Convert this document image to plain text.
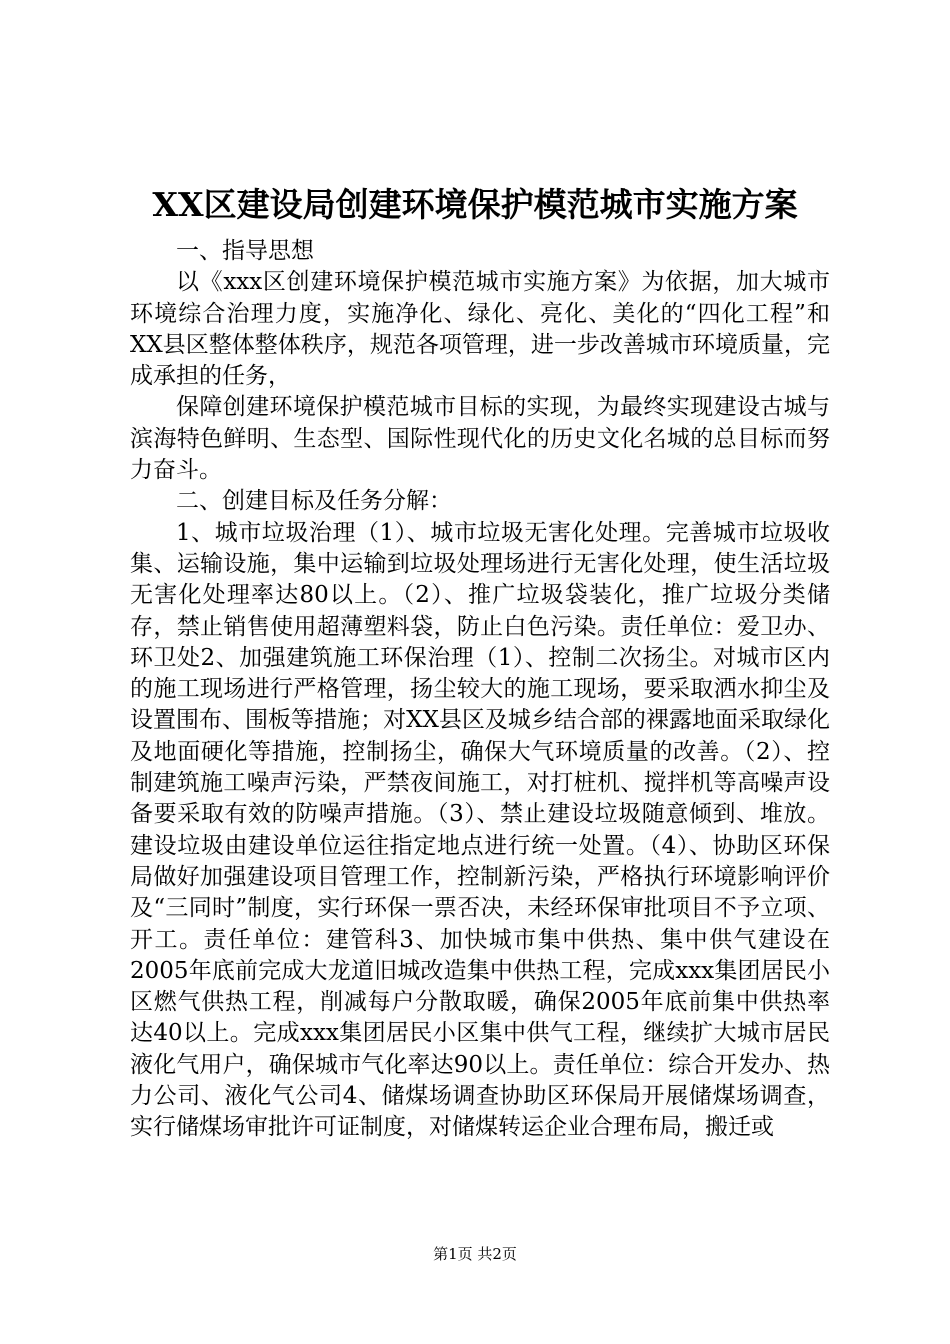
XX区建设局创建环境保护模范城市实施方案

一、指导思想

以《xxx区创建环境保护模范城市实施方案》为依据，加大城市环境综合治理力度，实施净化、绿化、亮化、美化的“四化工程”和XX县区整体整体秩序，规范各项管理，进一步改善城市环境质量，完成承担的任务，

保障创建环境保护模范城市目标的实现，为最终实现建设古城与滨海特色鲜明、生态型、国际性现代化的历史文化名城的总目标而努力奋斗。

二、创建目标及任务分解：

1、城市垃圾治理（1）、城市垃圾无害化处理。完善城市垃圾收集、运输设施，集中运输到垃圾处理场进行无害化处理，使生活垃圾无害化处理率达80以上。（2）、推广垃圾袋装化，推广垃圾分类储存，禁止销售使用超薄塑料袋，防止白色污染。责任单位：爱卫办、环卫处2、加强建筑施工环保治理（1）、控制二次扬尘。对城市区内的施工现场进行严格管理，扬尘较大的施工现场，要采取洒水抑尘及设置围布、围板等措施；对XX县区及城乡结合部的裸露地面采取绿化及地面硬化等措施，控制扬尘，确保大气环境质量的改善。（2）、控制建筑施工噪声污染，严禁夜间施工，对打桩机、搅拌机等高噪声设备要采取有效的防噪声措施。（3）、禁止建设垃圾随意倾到、堆放。建设垃圾由建设单位运往指定地点进行统一处置。（4）、协助区环保局做好加强建设项目管理工作，控制新污染，严格执行环境影响评价及“三同时”制度，实行环保一票否决，未经环保审批项目不予立项、开工。责任单位：建管科3、加快城市集中供热、集中供气建设在2005年底前完成大龙道旧城改造集中供热工程，完成xxx集团居民小区燃气供热工程，削减每户分散取暖，确保2005年底前集中供热率达40以上。完成xxx集团居民小区集中供气工程，继续扩大城市居民液化气用户，确保城市气化率达90以上。责任单位：综合开发办、热力公司、液化气公司4、储煤场调查协助区环保局开展储煤场调查，实行储煤场审批许可证制度，对储煤转运企业合理布局，搬迁或

第1页 共2页
